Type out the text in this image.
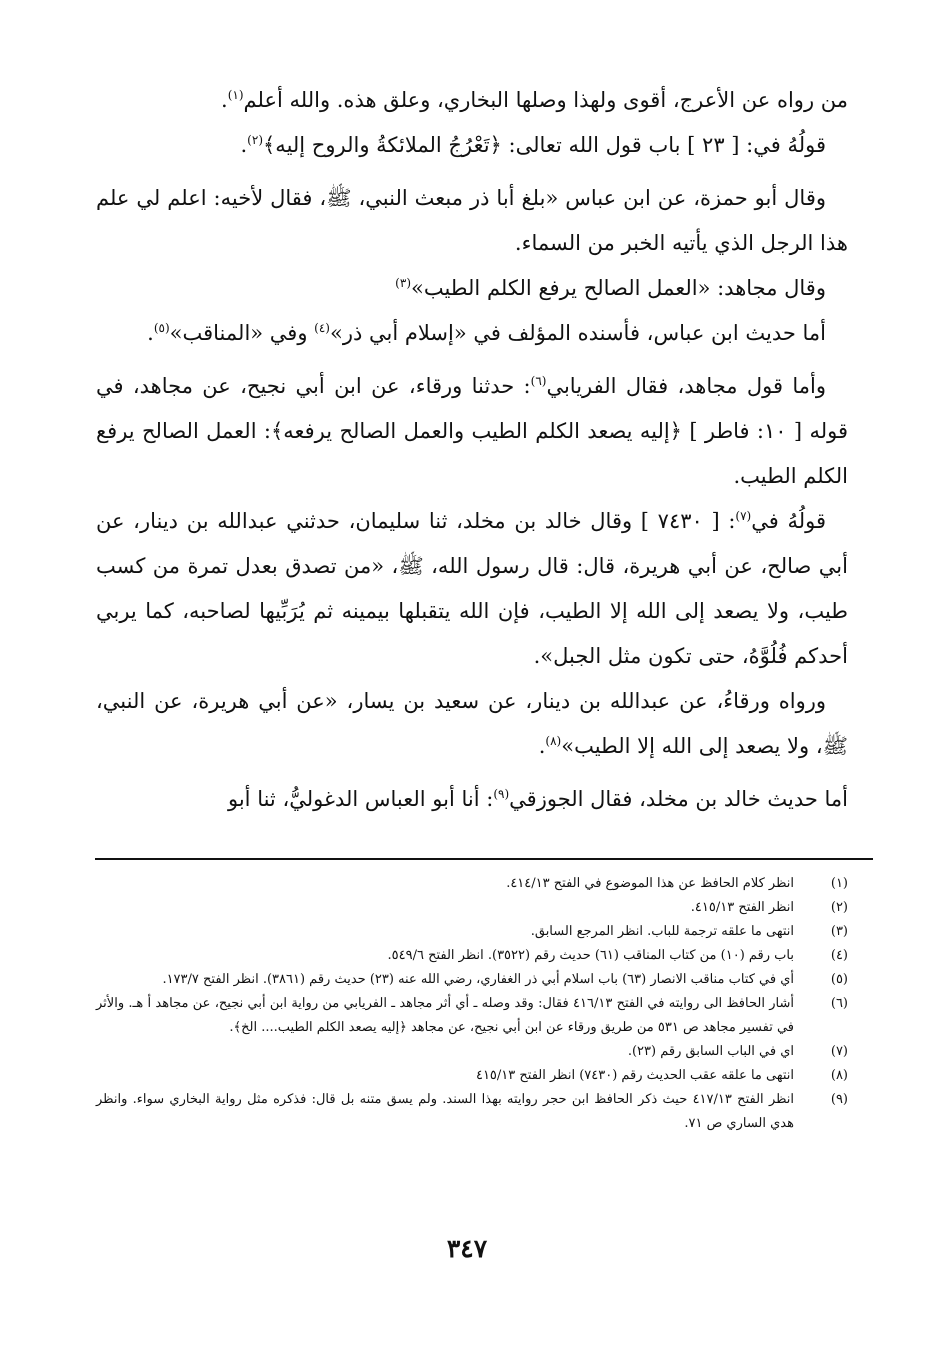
من رواه عن الأعرج، أقوى ولهذا وصلها البخاري، وعلق هذه. والله أعلم$^{(١)}$.

قولُهُ في: [ ٢٣ ] باب قول الله تعالى: ﴿تَعْرُجُ الملائكةُ والروح إليه﴾$^{(٢)}$.

وقال أبو حمزة، عن ابن عباس «بلغ أبا ذر مبعث النبي، ﷺ، فقال لأخيه: اعلم لي علم هذا الرجل الذي يأتيه الخبر من السماء.

وقال مجاهد: «العمل الصالح يرفع الكلم الطيب»$^{(٣)}$

أما حديث ابن عباس، فأسنده المؤلف في «إسلام أبي ذر»$^{(٤)}$ وفي «المناقب»$^{(٥)}$.

وأما قول مجاهد، فقال الفريابي$^{(٦)}$: حدثنا ورقاء، عن ابن أبي نجيح، عن مجاهد، في قوله [ ١٠: فاطر ] ﴿إليه يصعد الكلم الطيب والعمل الصالح يرفعه﴾: العمل الصالح يرفع الكلم الطيب.

قولُهُ في$^{(٧)}$: [ ٧٤٣٠ ] وقال خالد بن مخلد، ثنا سليمان، حدثني عبدالله بن دينار، عن أبي صالح، عن أبي هريرة، قال: قال رسول الله، ﷺ، «من تصدق بعدل تمرة من كسب طيب، ولا يصعد إلى الله إلا الطيب، فإن الله يتقبلها بيمينه ثم يُرَبِّيها لصاحبه، كما يربي أحدكم فُلُوَّهُ، حتى تكون مثل الجبل».

ورواه ورقاءُ، عن عبدالله بن دينار، عن سعيد بن يسار، «عن أبي هريرة، عن النبي، ﷺ، ولا يصعد إلى الله إلا الطيب»$^{(٨)}$.

أما حديث خالد بن مخلد، فقال الجوزقي$^{(٩)}$: أنا أبو العباس الدغوليُّ، ثنا أبو

(١)
انظر كلام الحافظ عن هذا الموضوع في الفتح ٤١٤/١٣.
(٢)
انظر الفتح ٤١٥/١٣.
(٣)
انتهى ما علقه ترجمة للباب. انظر المرجع السابق.
(٤)
باب رقم (١٠) من كتاب المناقب (٦١) حديث رقم (٣٥٢٢). انظر الفتح ٥٤٩/٦.
(٥)
أي في كتاب مناقب الانصار (٦٣) باب اسلام أبي ذر الغفاري، رضي الله عنه (٢٣) حديث رقم (٣٨٦١). انظر الفتح ١٧٣/٧.
(٦)
أشار الحافظ الى روايته في الفتح ٤١٦/١٣ فقال: وقد وصله ـ أي أثر مجاهد ـ الفريابي من رواية ابن أبي نجيح، عن مجاهد أ هـ. والأثر في تفسير مجاهد ص ٥٣١ من طريق ورقاء عن ابن أبي نجيح، عن مجاهد ﴿إليه يصعد الكلم الطيب.... الخ﴾.
(٧)
اي في الباب السابق رقم (٢٣).
(٨)
انتهى ما علقه عقب الحديث رقم (٧٤٣٠) انظر الفتح ٤١٥/١٣
(٩)
انظر الفتح ٤١٧/١٣ حيث ذكر الحافظ ابن حجر روايته بهذا السند. ولم يسق متنه بل قال: فذكره مثل رواية البخاري سواء. وانظر هدي الساري ص ٧١.
٣٤٧
